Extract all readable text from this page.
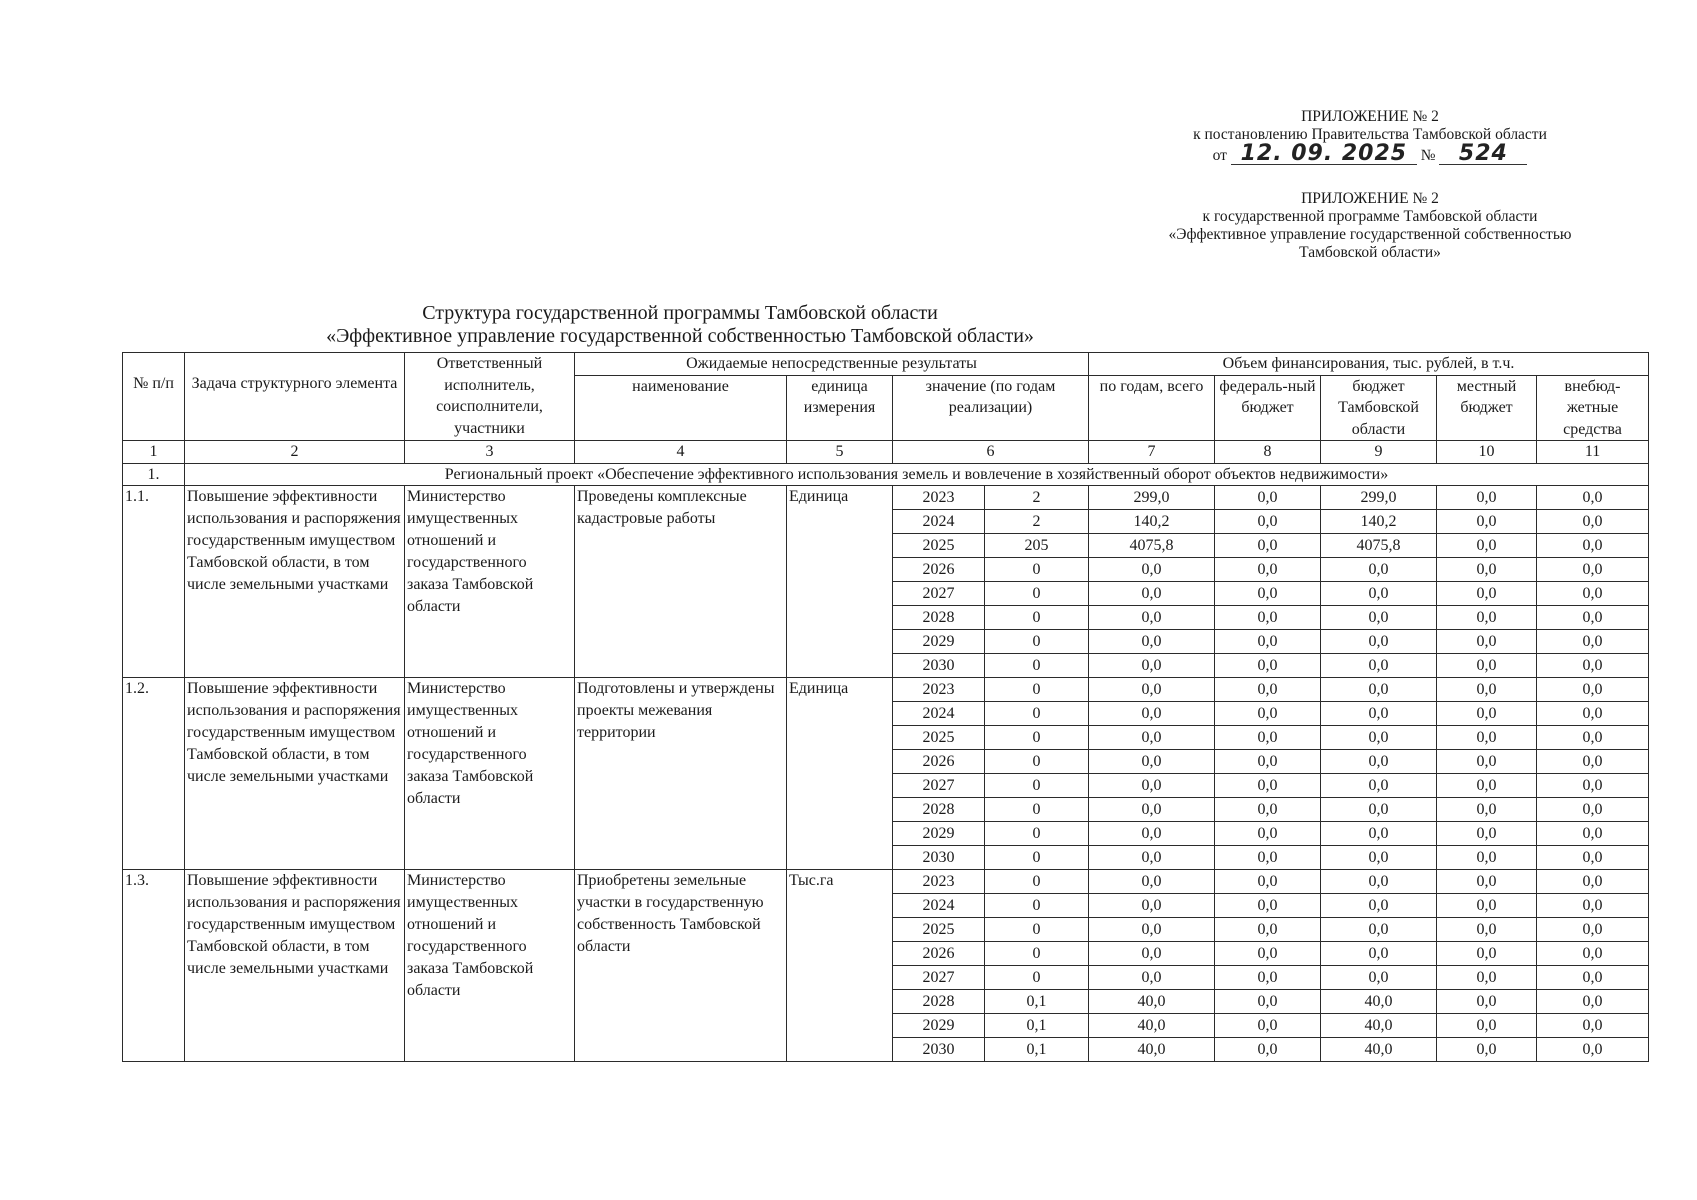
ПРИЛОЖЕНИЕ № 2
к постановлению Правительства Тамбовской области
от 12. 09. 2025 № 524
ПРИЛОЖЕНИЕ № 2
к государственной программе Тамбовской области
«Эффективное управление государственной собственностью
Тамбовской области»
Структура государственной программы Тамбовской области
«Эффективное управление государственной собственностью Тамбовской области»
№ п/п	Задача структурного элемента	Ответственный исполнитель, соисполнители, участники	Ожидаемые непосредственные результаты				Объем финансирования, тыс. рублей, в т.ч.				
			наименование	единица измерения	значение (по годам реализации)		по годам, всего	федераль-ный бюджет	бюджет Тамбовской области	местный бюджет	внебюд-жетные средства
1	2	3	4	5	6		7	8	9	10	11
1.	Региональный проект «Обеспечение эффективного использования земель и вовлечение в хозяйственный оборот объектов недвижимости»										
1.1.	Повышение эффективности использования и распоряжения государственным имуществом Тамбовской области, в том числе земельными участками	Министерство имущественных отношений и государственного заказа Тамбовской области	Проведены комплексные кадастровые работы	Единица	2023	2	299,0	0,0	299,0	0,0	0,0
					2024	2	140,2	0,0	140,2	0,0	0,0
					2025	205	4075,8	0,0	4075,8	0,0	0,0
					2026	0	0,0	0,0	0,0	0,0	0,0
					2027	0	0,0	0,0	0,0	0,0	0,0
					2028	0	0,0	0,0	0,0	0,0	0,0
					2029	0	0,0	0,0	0,0	0,0	0,0
					2030	0	0,0	0,0	0,0	0,0	0,0
1.2.	Повышение эффективности использования и распоряжения государственным имуществом Тамбовской области, в том числе земельными участками	Министерство имущественных отношений и государственного заказа Тамбовской области	Подготовлены и утверждены проекты межевания территории	Единица	2023	0	0,0	0,0	0,0	0,0	0,0
					2024	0	0,0	0,0	0,0	0,0	0,0
					2025	0	0,0	0,0	0,0	0,0	0,0
					2026	0	0,0	0,0	0,0	0,0	0,0
					2027	0	0,0	0,0	0,0	0,0	0,0
					2028	0	0,0	0,0	0,0	0,0	0,0
					2029	0	0,0	0,0	0,0	0,0	0,0
					2030	0	0,0	0,0	0,0	0,0	0,0
1.3.	Повышение эффективности использования и распоряжения государственным имуществом Тамбовской области, в том числе земельными участками	Министерство имущественных отношений и государственного заказа Тамбовской области	Приобретены земельные участки в государственную собственность Тамбовской области	Тыс.га	2023	0	0,0	0,0	0,0	0,0	0,0
					2024	0	0,0	0,0	0,0	0,0	0,0
					2025	0	0,0	0,0	0,0	0,0	0,0
					2026	0	0,0	0,0	0,0	0,0	0,0
					2027	0	0,0	0,0	0,0	0,0	0,0
					2028	0,1	40,0	0,0	40,0	0,0	0,0
					2029	0,1	40,0	0,0	40,0	0,0	0,0
					2030	0,1	40,0	0,0	40,0	0,0	0,0
